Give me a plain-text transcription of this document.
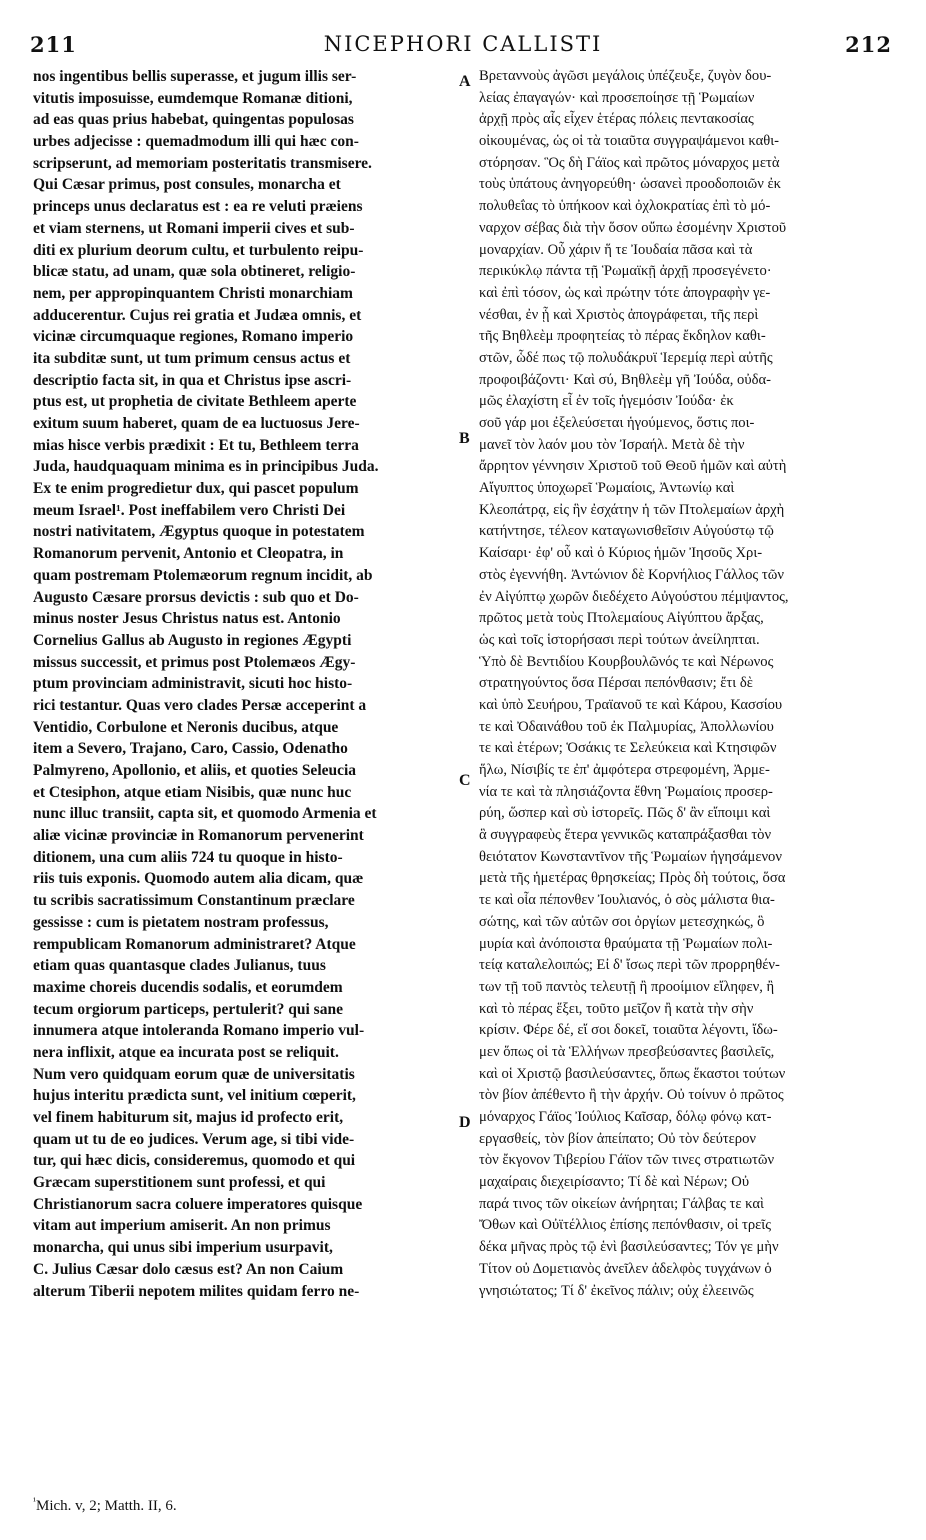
211	NICEPHORI CALLISTI	212
nos ingentibus bellis superasse, et jugum illis ser-
vitutis imposuisse, eumdemque Romanæ ditioni,
ad eas quas prius habebat, quingentas populosas
urbes adjecisse : quemadmodum illi qui hæc con-
scripserunt, ad memoriam posteritatis transmisere.
Qui Cæsar primus, post consules, monarcha et
princeps unus declaratus est : ea re veluti præiens
et viam sternens, ut Romani imperii cives et sub-
diti ex plurium deorum cultu, et turbulento reipu-
blicæ statu, ad unam, quæ sola obtineret, religio-
nem, per appropinquantem Christi monarchiam
adducerentur. Cujus rei gratia et Judæa omnis, et
vicinæ circumquaque regiones, Romano imperio
ita subditæ sunt, ut tum primum census actus et
descriptio facta sit, in qua et Christus ipse ascri-
ptus est, ut prophetia de civitate Bethleem aperte
exitum suum haberet, quam de ea luctuosus Jere-
mias hisce verbis prædixit : Et tu, Bethleem terra
Juda, haudquaquam minima es in principibus Juda.
Ex te enim progredietur dux, qui pascet populum
meum Israel¹. Post ineffabilem vero Christi Dei
nostri nativitatem, Ægyptus quoque in potestatem
Romanorum pervenit, Antonio et Cleopatra, in
quam postremam Ptolemæorum regnum incidit, ab
Augusto Cæsare prorsus devictis : sub quo et Do-
minus noster Jesus Christus natus est. Antonio
Cornelius Gallus ab Augusto in regiones Ægypti
missus successit, et primus post Ptolemæos Ægy-
ptum provinciam administravit, sicuti hoc histo-
rici testantur. Quas vero clades Persæ acceperint a
Ventidio, Corbulone et Neronis ducibus, atque
item a Severo, Trajano, Caro, Cassio, Odenatho
Palmyreno, Apollonio, et aliis, et quoties Seleucia
et Ctesiphon, atque etiam Nisibis, quæ nunc huc
nunc illuc transiit, capta sit, et quomodo Armenia et
aliæ vicinæ provinciæ in Romanorum pervenerint
ditionem, una cum aliis 724 tu quoque in histo-
riis tuis exponis. Quomodo autem alia dicam, quæ
tu scribis sacratissimum Constantinum præclare
gessisse : cum is pietatem nostram professus,
rempublicam Romanorum administraret? Atque
etiam quas quantasque clades Julianus, tuus
maxime choreis ducendis sodalis, et eorumdem
tecum orgiorum particeps, pertulerit? qui sane
innumera atque intoleranda Romano imperio vul-
nera inflixit, atque ea incurata post se reliquit.
Num vero quidquam eorum quæ de universitatis
hujus interitu prædicta sunt, vel initium cœperit,
vel finem habiturum sit, majus id profecto erit,
quam ut tu de eo judices. Verum age, si tibi vide-
tur, qui hæc dicis, consideremus, quomodo et qui
Græcam superstitionem sunt professi, et qui
Christianorum sacra coluere imperatores quisque
vitam aut imperium amiserit. An non primus
monarcha, qui unus sibi imperium usurpavit,
C. Julius Cæsar dolo cæsus est? An non Caium
alterum Tiberii nepotem milites quidam ferro ne-
Βρεταννοὺς ἀγῶσι μεγάλοις ὑπέζευξε, ζυγὸν δου-
λείας ἐπαγαγών· καὶ προσεποίησε τῇ Ῥωμαίων
ἀρχῇ πρὸς αἷς εἶχεν ἑτέρας πόλεις πεντακοσίας
οἰκουμένας, ὡς οἱ τὰ τοιαῦτα συγγραψάμενοι καθι-
στόρησαν. Ὃς δὴ Γάϊος καὶ πρῶτος μόναρχος μετὰ
τοὺς ὑπάτους ἀνηγορεύθη· ὡσανεὶ προοδοποιῶν ἐκ
πολυθεΐας τὸ ὑπήκοον καὶ ὀχλοκρατίας ἐπὶ τὸ μό-
ναρχον σέβας διὰ τὴν ὅσον οὔπω ἐσομένην Χριστοῦ
μοναρχίαν. Οὗ χάριν ἥ τε Ἰουδαία πᾶσα καὶ τὰ
περικύκλῳ πάντα τῇ Ῥωμαϊκῇ ἀρχῇ προσεγένετο·
καὶ ἐπὶ τόσον, ὡς καὶ πρώτην τότε ἀπογραφὴν γε-
νέσθαι, ἐν ᾗ καὶ Χριστὸς ἀπογράφεται, τῆς περὶ
τῆς Βηθλεὲμ προφητείας τὸ πέρας ἔκδηλον καθι-
στῶν, ὧδέ πως τῷ πολυδάκρυϊ Ἱερεμίᾳ περὶ αὐτῆς
προφοιβάζοντι· Καὶ σύ, Βηθλεὲμ γῆ Ἰούδα, οὐδα-
μῶς ἐλαχίστη εἶ ἐν τοῖς ἡγεμόσιν Ἰούδα· ἐκ
σοῦ γάρ μοι ἐξελεύσεται ἡγούμενος, ὅστις ποι-
μανεῖ τὸν λαόν μου τὸν Ἰσραήλ. Μετὰ δὲ τὴν
ἄρρητον γέννησιν Χριστοῦ τοῦ Θεοῦ ἡμῶν καὶ αὐτὴ
Αἴγυπτος ὑποχωρεῖ Ῥωμαίοις, Ἀντωνίῳ καὶ
Κλεοπάτρᾳ, εἰς ἣν ἐσχάτην ἡ τῶν Πτολεμαίων ἀρχὴ
κατήντησε, τέλεον καταγωνισθεῖσιν Αὐγούστῳ τῷ
Καίσαρι· ἐφ' οὗ καὶ ὁ Κύριος ἡμῶν Ἰησοῦς Χρι-
στὸς ἐγεννήθη. Ἀντώνιον δὲ Κορνήλιος Γάλλος τῶν
ἐν Αἰγύπτῳ χωρῶν διεδέχετο Αὐγούστου πέμψαντος,
πρῶτος μετὰ τοὺς Πτολεμαίους Αἰγύπτου ἄρξας,
ὡς καὶ τοῖς ἱστορήσασι περὶ τούτων ἀνείληπται.
Ὑπὸ δὲ Βεντιδίου Κουρβουλῶνός τε καὶ Νέρωνος
στρατηγούντος ὅσα Πέρσαι πεπόνθασιν; ἔτι δὲ
καὶ ὑπὸ Σευήρου, Τραϊανοῦ τε καὶ Κάρου, Κασσίου
τε καὶ Ὀδαινάθου τοῦ ἐκ Παλμυρίας, Ἀπολλωνίου
τε καὶ ἑτέρων; Ὁσάκις τε Σελεύκεια καὶ Κτησιφῶν
ἥλω, Νίσιβίς τε ἐπ' ἀμφότερα στρεφομένη, Ἀρμε-
νία τε καὶ τὰ πλησιάζοντα ἔθνη Ῥωμαίοις προσερ-
ρύη, ὥσπερ καὶ σὺ ἱστορεῖς. Πῶς δ' ἂν εἴποιμι καὶ
ἃ συγγραφεὺς ἕτερα γεννικῶς καταπράξασθαι τὸν
θειότατον Κωνσταντῖνον τῆς Ῥωμαίων ἡγησάμενον
μετὰ τῆς ἡμετέρας θρησκείας; Πρὸς δὴ τούτοις, ὅσα
τε καὶ οἷα πέπονθεν Ἰουλιανός, ὁ σὸς μάλιστα θια-
σώτης, καὶ τῶν αὐτῶν σοι ὀργίων μετεσχηκώς, ὃ
μυρία καὶ ἀνόποιστα θραύματα τῇ Ῥωμαίων πολι-
τείᾳ καταλελοιπώς; Εἰ δ' ἴσως περὶ τῶν προρρηθέν-
των τῇ τοῦ παντὸς τελευτῇ ἢ προοίμιον εἴληφεν, ἢ
καὶ τὸ πέρας ἕξει, τοῦτο μεῖζον ἢ κατὰ τὴν σὴν
κρίσιν. Φέρε δέ, εἴ σοι δοκεῖ, τοιαῦτα λέγοντι, ἴδω-
μεν ὅπως οἱ τὰ Ἑλλήνων πρεσβεύσαντες βασιλεῖς,
καὶ οἱ Χριστῷ βασιλεύσαντες, ὅπως ἕκαστοι τούτων
τὸν βίον ἀπέθεντο ἢ τὴν ἀρχήν. Οὐ τοίνυν ὁ πρῶτος
μόναρχος Γάϊος Ἰούλιος Καῖσαρ, δόλῳ φόνῳ κατ-
εργασθείς, τὸν βίον ἀπείπατο; Οὐ τὸν δεύτερον
τὸν ἔκγονον Τιβερίου Γάϊον τῶν τινες στρατιωτῶν
μαχαίραις διεχειρίσαντο; Τί δὲ καὶ Νέρων; Οὐ
παρά τινος τῶν οἰκείων ἀνήρηται; Γάλβας τε καὶ
Ὄθων καὶ Οὐϊτέλλιος ἐπίσης πεπόνθασιν, οἱ τρεῖς
δέκα μῆνας πρὸς τῷ ἑνὶ βασιλεύσαντες; Τόν γε μὴν
Τίτον οὐ Δομετιανὸς ἀνεῖλεν ἀδελφὸς τυγχάνων ὁ
γνησιώτατος; Τί δ' ἐκεῖνος πάλιν; οὐχ ἐλεεινῶς
A
B
C
D
$^{^1}$Mich. v, 2; Matth. II, 6.
